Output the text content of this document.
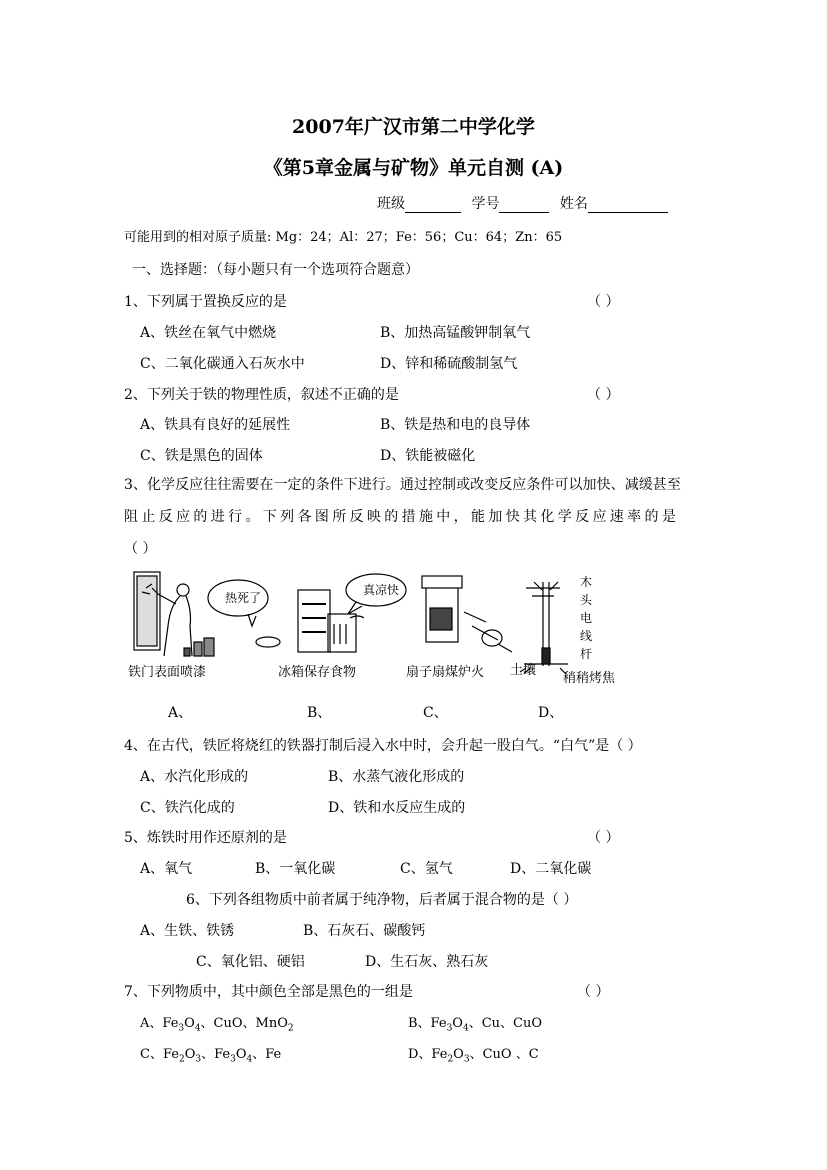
2007年广汉市第二中学化学
《第5章金属与矿物》单元自测 (A)
班级	学号	姓名
可能用到的相对原子质量: Mg：24；Al：27；Fe：56；Cu：64；Zn：65
一、选择题：（每小题只有一个选项符合题意）
1、下列属于置换反应的是	（ ）
A、铁丝在氧气中燃烧	B、加热高锰酸钾制氧气
C、二氧化碳通入石灰水中	D、锌和稀硫酸制氢气
2、下列关于铁的物理性质，叙述不正确的是	（ ）
A、铁具有良好的延展性	B、铁是热和电的良导体
C、铁是黑色的固体	D、铁能被磁化
3、化学反应往往需要在一定的条件下进行。通过控制或改变反应条件可以加快、减缓甚至
阻止反应的进行。下列各图所反映的措施中，能加快其化学反应速率的是
（ ）
铁门表面喷漆
热死了
真凉快
冰箱保存食物	扇子扇煤炉火
木
头
电
线
杆
土壤
稍稍烤焦
A、	B、	C、	D、
4、在古代，铁匠将烧红的铁器打制后浸入水中时，会升起一股白气。“白气”是（ ）
A、水汽化形成的	B、水蒸气液化形成的
C、铁汽化成的	D、铁和水反应生成的
5、炼铁时用作还原剂的是	（ ）
A、氧气	B、一氧化碳	C、氢气	D、二氧化碳
6、下列各组物质中前者属于纯净物，后者属于混合物的是（ ）
A、生铁、铁锈	B、石灰石、碳酸钙
C、氧化铝、硬铝	D、生石灰、熟石灰
7、下列物质中，其中颜色全部是黑色的一组是	（ ）
A、$Fe_3O_4$、CuO、MnO$_2$	B、$Fe_3O_4$、Cu、CuO
C、$Fe_2O_3$、$Fe_3O_4$、Fe	D、$Fe_2O_3$、CuO 、C
